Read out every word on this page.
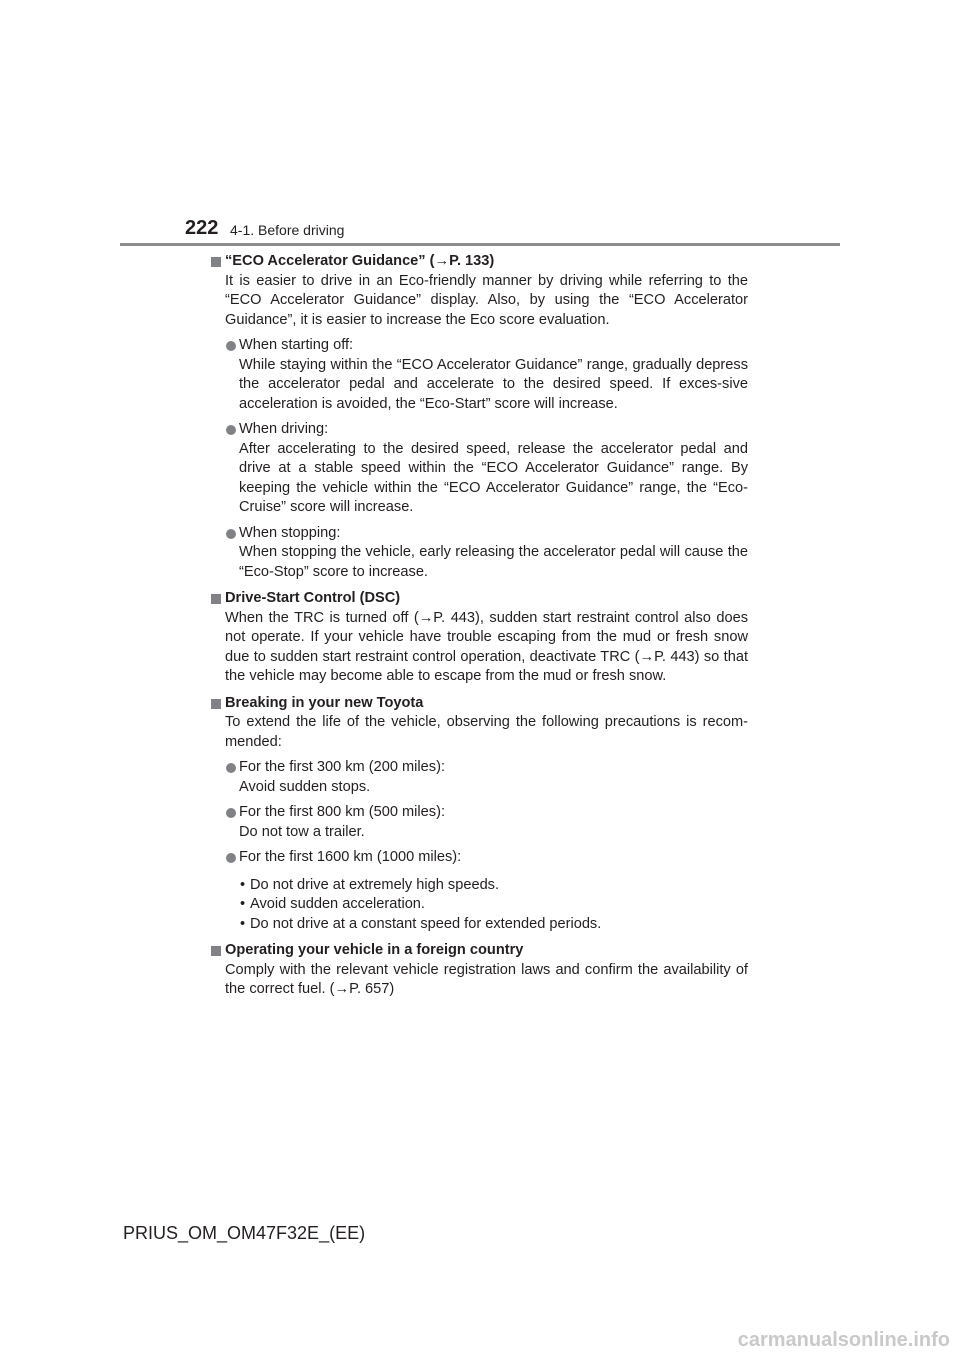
222 4-1. Before driving
“ECO Accelerator Guidance” (→P. 133)
It is easier to drive in an Eco-friendly manner by driving while referring to the “ECO Accelerator Guidance” display. Also, by using the “ECO Accelerator Guidance”, it is easier to increase the Eco score evaluation.
When starting off:
While staying within the “ECO Accelerator Guidance” range, gradually depress the accelerator pedal and accelerate to the desired speed. If exces-sive acceleration is avoided, the “Eco-Start” score will increase.
When driving:
After accelerating to the desired speed, release the accelerator pedal and drive at a stable speed within the “ECO Accelerator Guidance” range. By keeping the vehicle within the “ECO Accelerator Guidance” range, the “Eco-Cruise” score will increase.
When stopping:
When stopping the vehicle, early releasing the accelerator pedal will cause the “Eco-Stop” score to increase.
Drive-Start Control (DSC)
When the TRC is turned off (→P. 443), sudden start restraint control also does not operate. If your vehicle have trouble escaping from the mud or fresh snow due to sudden start restraint control operation, deactivate TRC (→P. 443) so that the vehicle may become able to escape from the mud or fresh snow.
Breaking in your new Toyota
To extend the life of the vehicle, observing the following precautions is recom-mended:
For the first 300 km (200 miles):
Avoid sudden stops.
For the first 800 km (500 miles):
Do not tow a trailer.
For the first 1600 km (1000 miles):
• Do not drive at extremely high speeds.
• Avoid sudden acceleration.
• Do not drive at a constant speed for extended periods.
Operating your vehicle in a foreign country
Comply with the relevant vehicle registration laws and confirm the availability of the correct fuel. (→P. 657)
PRIUS_OM_OM47F32E_(EE)
carmanualsonline.info
